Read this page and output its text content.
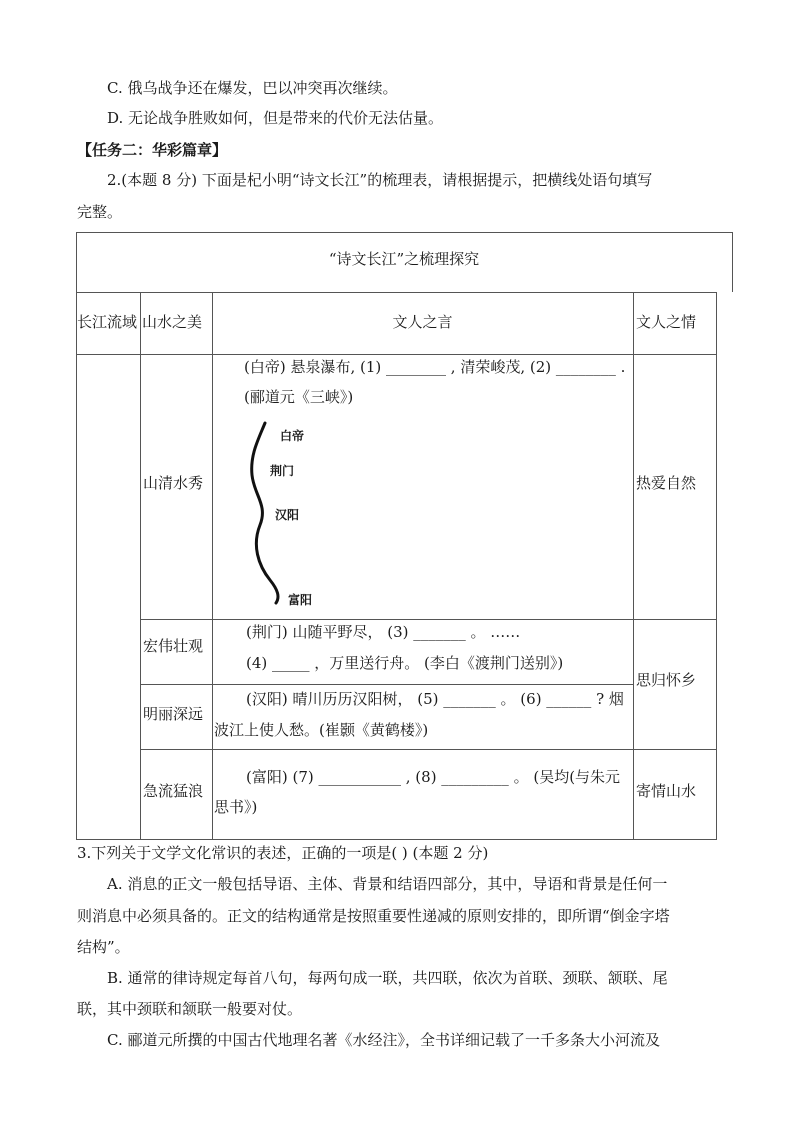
C. 俄乌战争还在爆发，巴以冲突再次继续。
D. 无论战争胜败如何，但是带来的代价无法估量。
【任务二：华彩篇章】
2.(本题 8 分) 下面是杞小明“诗文长江”的梳理表，请根据提示，把横线处语句填写
完整。
“诗文长江”之梳理探究
长江流域 山水之美	文人之言	文人之情
山清水秀
(白帝) 悬泉瀑布, (1) ________ , 清荣峻茂, (2) ________ .
(郦道元《三峡》)
热爱自然
白帝
荆门
汉阳
富阳
宏伟壮观
(荆门) 山随平野尽， (3) _______ 。 ……
(4) _____ ，万里送行舟。 (李白《渡荆门送别》)
思归怀乡
明丽深远
(汉阳) 晴川历历汉阳树， (5) _______ 。 (6) ______ ? 烟
波江上使人愁。(崔颢《黄鹤楼》)
急流猛浪
(富阳) (7) ___________ , (8) _________ 。 (吴均(与朱元
思书》)
寄情山水
3.下列关于文学文化常识的表述，正确的一项是( ) (本题 2 分)
A. 消息的正文一般包括导语、主体、背景和结语四部分，其中，导语和背景是任何一
则消息中必须具备的。正文的结构通常是按照重要性递减的原则安排的，即所谓“倒金字塔
结构”。
B. 通常的律诗规定每首八句，每两句成一联，共四联，依次为首联、颈联、颔联、尾
联，其中颈联和颔联一般要对仗。
C. 郦道元所撰的中国古代地理名著《水经注》，全书详细记载了一千多条大小河流及
